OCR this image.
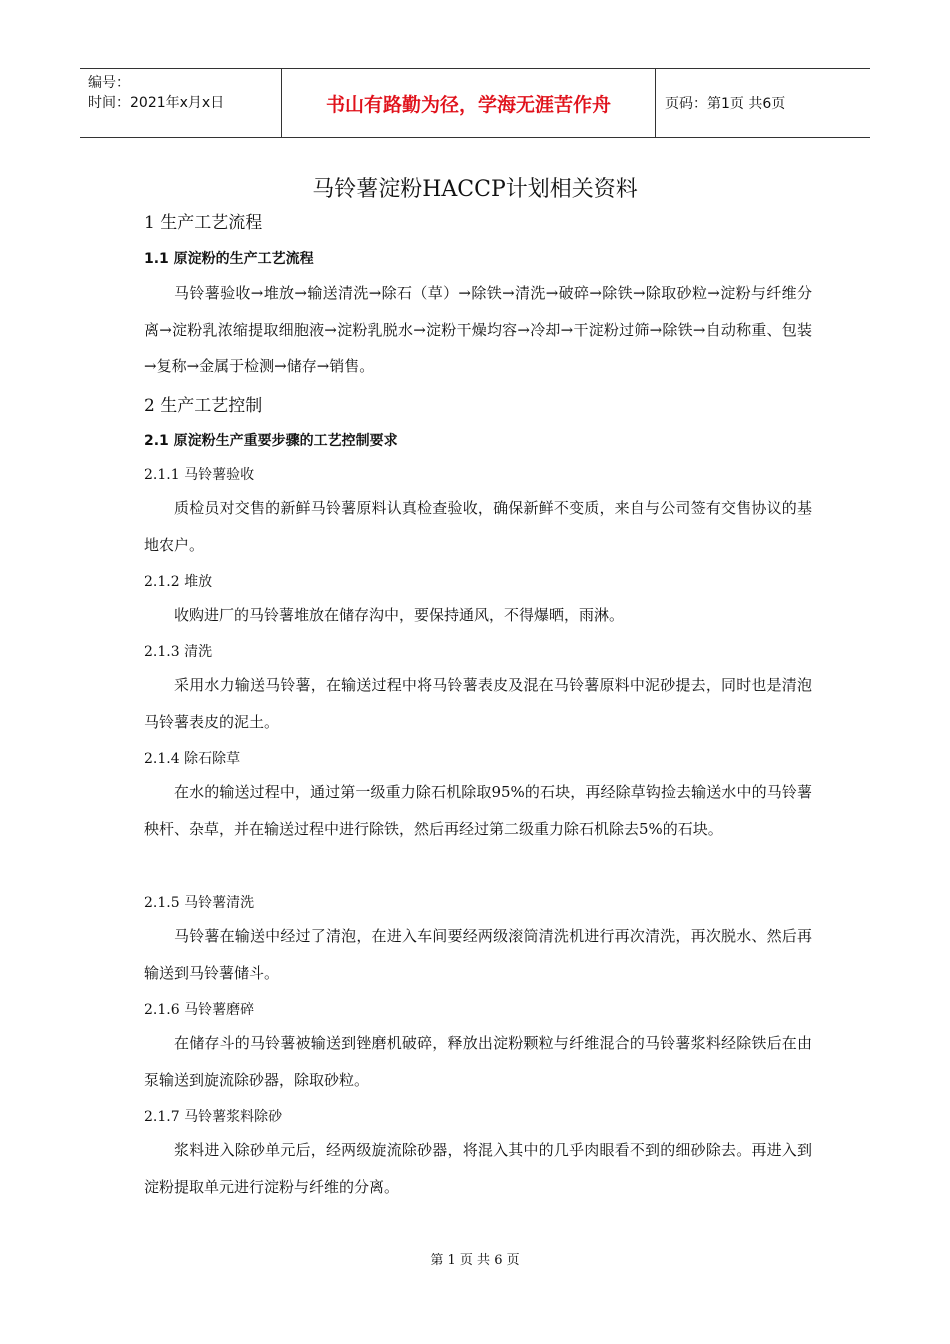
编号：
时间：2021年x月x日	书山有路勤为径，学海无涯苦作舟	页码：第1页 共6页
马铃薯淀粉HACCP计划相关资料
1 生产工艺流程
1.1 原淀粉的生产工艺流程
马铃薯验收→堆放→输送清洗→除石（草）→除铁→清洗→破碎→除铁→除取砂粒→淀粉与纤维分离→淀粉乳浓缩提取细胞液→淀粉乳脱水→淀粉干燥均容→冷却→干淀粉过筛→除铁→自动称重、包装→复称→金属于检测→储存→销售。
2 生产工艺控制
2.1 原淀粉生产重要步骤的工艺控制要求
2.1.1 马铃薯验收
质检员对交售的新鲜马铃薯原料认真检查验收，确保新鲜不变质，来自与公司签有交售协议的基地农户。
2.1.2 堆放
收购进厂的马铃薯堆放在储存沟中，要保持通风，不得爆晒，雨淋。
2.1.3 清洗
采用水力输送马铃薯，在输送过程中将马铃薯表皮及混在马铃薯原料中泥砂提去，同时也是清泡马铃薯表皮的泥土。
2.1.4 除石除草
在水的输送过程中，通过第一级重力除石机除取95%的石块，再经除草钩捡去输送水中的马铃薯秧杆、杂草，并在输送过程中进行除铁，然后再经过第二级重力除石机除去5%的石块。
2.1.5 马铃薯清洗
马铃薯在输送中经过了清泡，在进入车间要经两级滚筒清洗机进行再次清洗，再次脱水、然后再输送到马铃薯储斗。
2.1.6 马铃薯磨碎
在储存斗的马铃薯被输送到锉磨机破碎，释放出淀粉颗粒与纤维混合的马铃薯浆料经除铁后在由泵输送到旋流除砂器，除取砂粒。
2.1.7 马铃薯浆料除砂
浆料进入除砂单元后，经两级旋流除砂器，将混入其中的几乎肉眼看不到的细砂除去。再进入到淀粉提取单元进行淀粉与纤维的分离。
第 1 页 共 6 页
